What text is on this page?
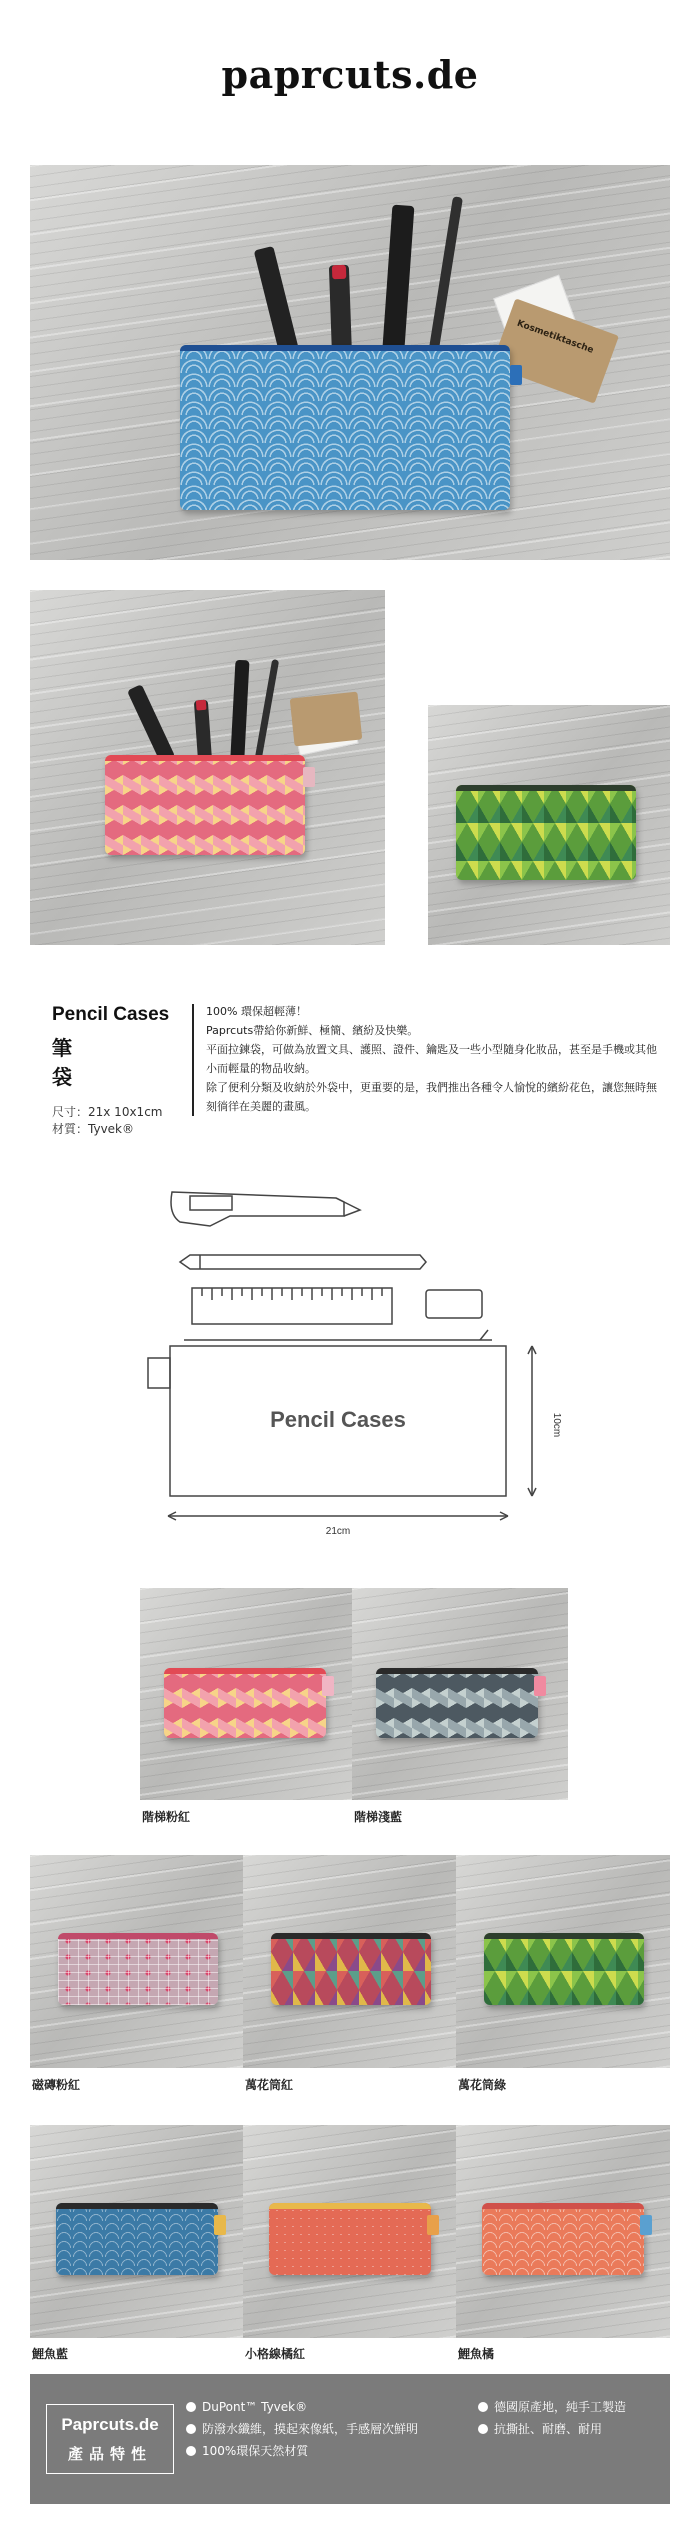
paprcuts.de
Kosmetiktasche
Pencil Cases
筆袋
尺寸：21x 10x1cm
材質：Tyvek®
100% 環保超輕薄！
Paprcuts帶給你新鮮、極簡、繽紛及快樂。
平面拉鍊袋，可做為放置文具、護照、證件、鑰匙及一些小型隨身化妝品，甚至是手機或其他小而輕量的物品收納。
除了便利分類及收納於外袋中，更重要的是，我們推出各種令人愉悅的繽紛花色，讓您無時無刻徜徉在美麗的畫風。
Pencil Cases
21cm
10cm
階梯粉紅	階梯淺藍
磁磚粉紅	萬花筒紅	萬花筒綠
鯉魚藍	小格線橘紅	鯉魚橘
Paprcuts.de
產品特性
DuPont™ Tyvek®
防潑水纖維，摸起來像紙，手感層次鮮明
100%環保天然材質
德國原產地，純手工製造
抗撕扯、耐磨、耐用
